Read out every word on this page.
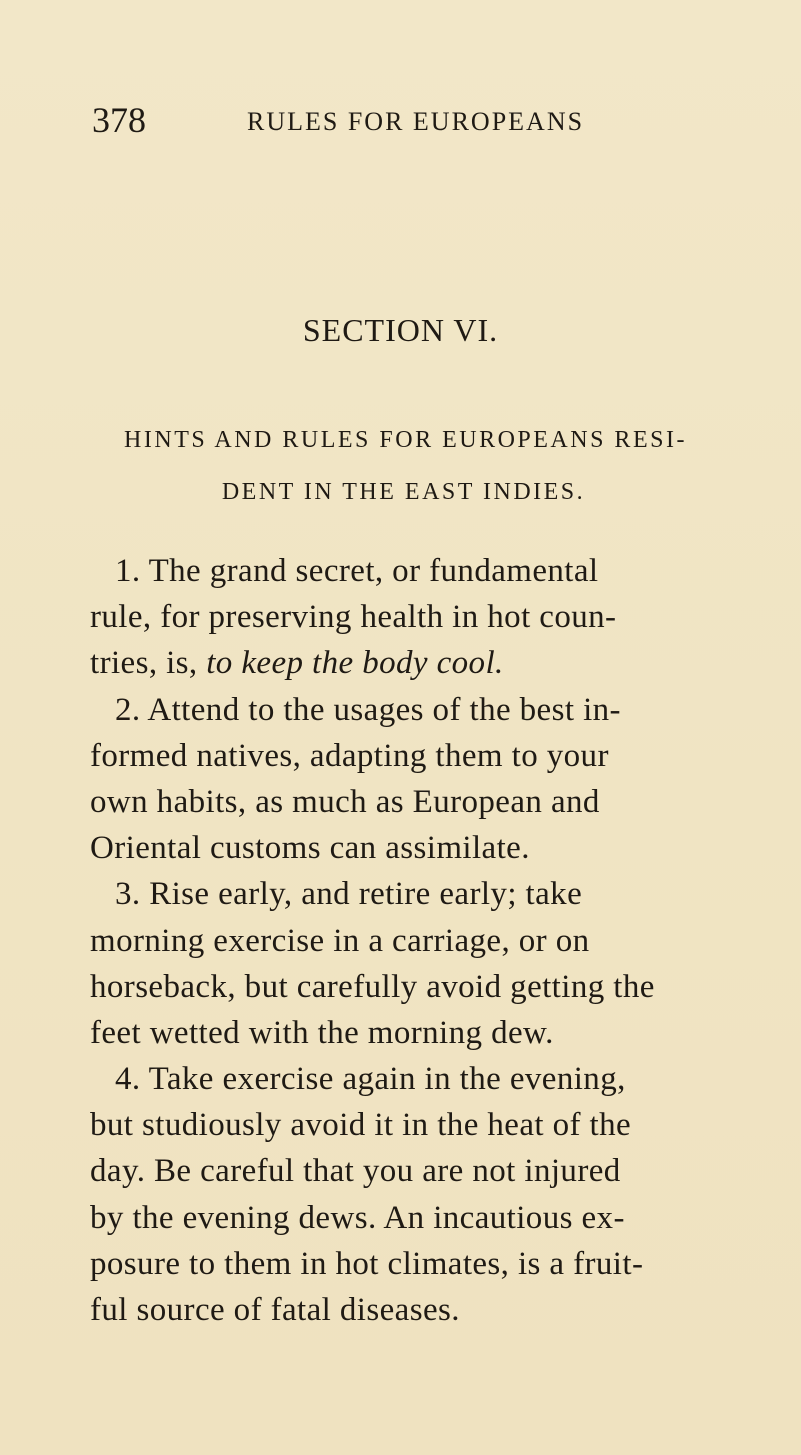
378	RULES FOR EUROPEANS
SECTION VI.
HINTS AND RULES FOR EUROPEANS RESI-
DENT IN THE EAST INDIES.
1. The grand secret, or fundamental
rule, for preserving health in hot coun-
tries, is, to keep the body cool.
2. Attend to the usages of the best in-
formed natives, adapting them to your
own habits, as much as European and
Oriental customs can assimilate.
3. Rise early, and retire early; take
morning exercise in a carriage, or on
horseback, but carefully avoid getting the
feet wetted with the morning dew.
4. Take exercise again in the evening,
but studiously avoid it in the heat of the
day. Be careful that you are not injured
by the evening dews. An incautious ex-
posure to them in hot climates, is a fruit-
ful source of fatal diseases.
